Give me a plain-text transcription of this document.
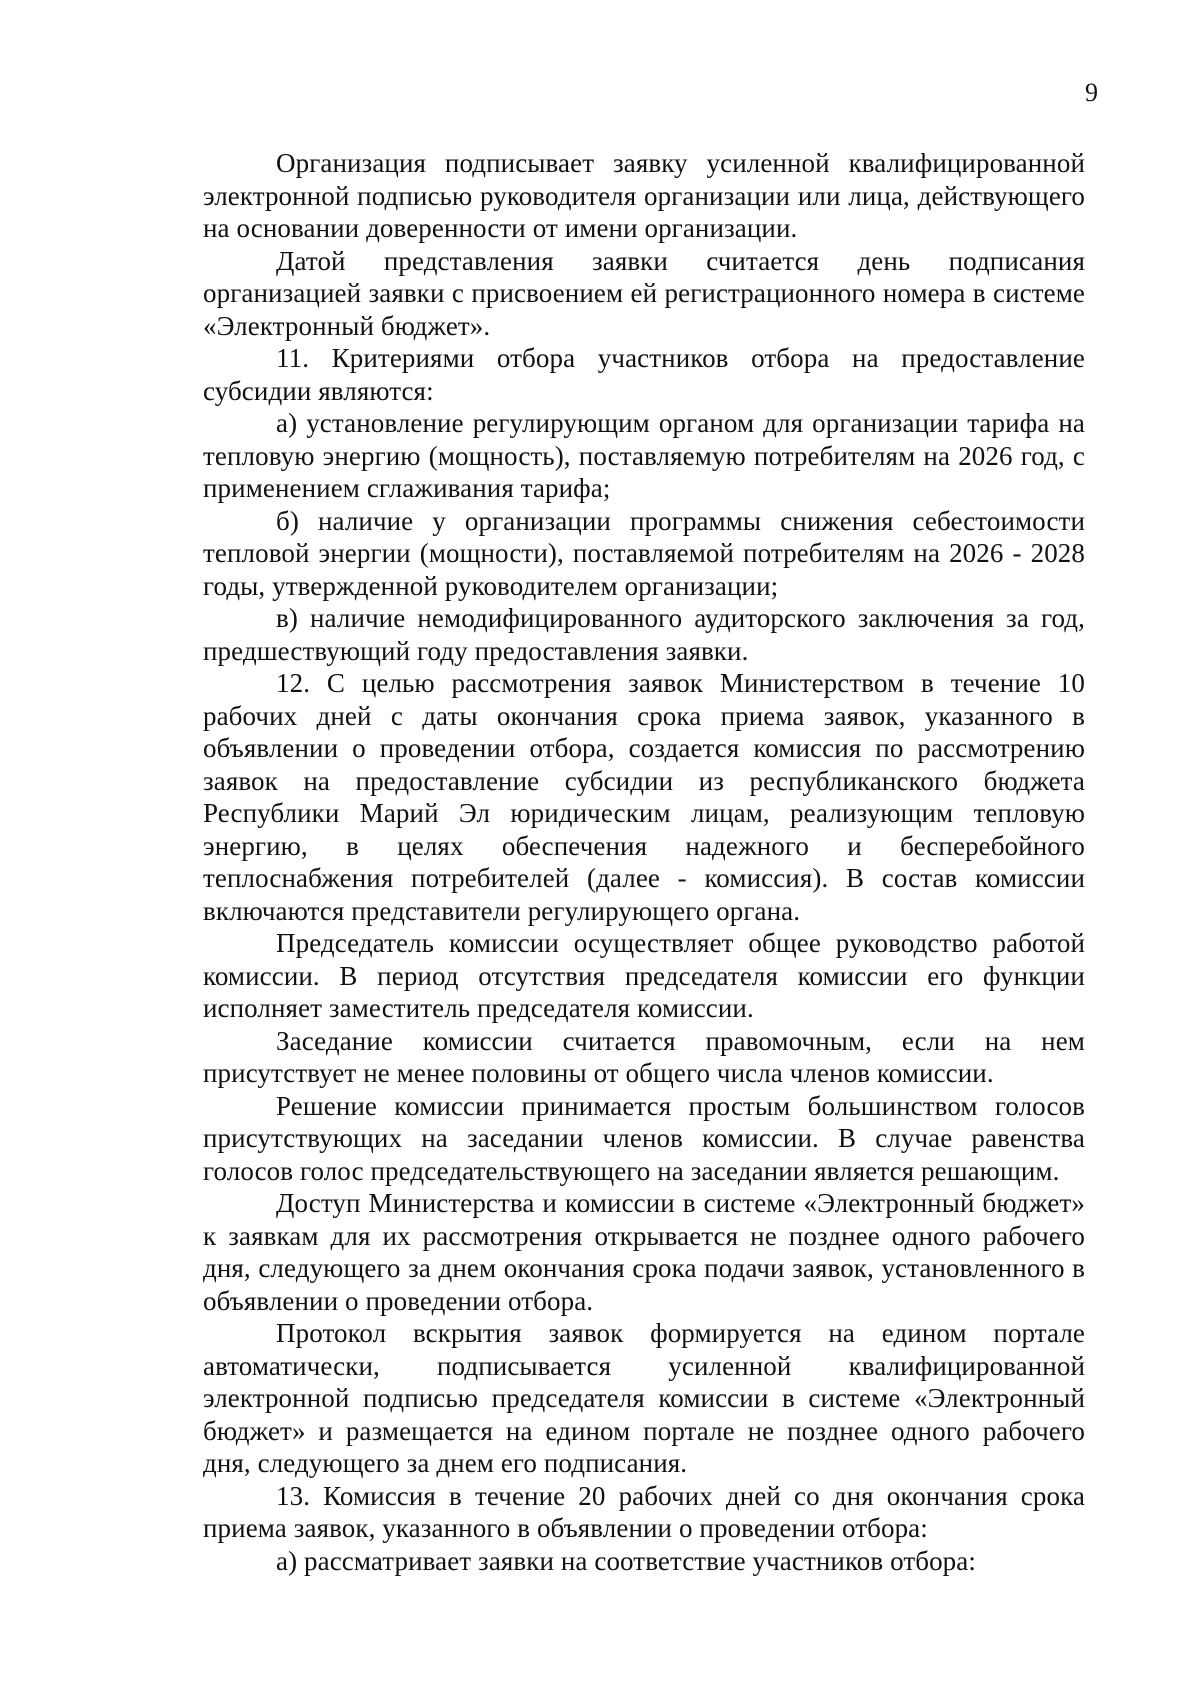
9

Организация подписывает заявку усиленной квалифицированной электронной подписью руководителя организации или лица, действующего на основании доверенности от имени организации.

Датой представления заявки считается день подписания организацией заявки с присвоением ей регистрационного номера в системе «Электронный бюджет».

11. Критериями отбора участников отбора на предоставление субсидии являются:

а) установление регулирующим органом для организации тарифа на тепловую энергию (мощность), поставляемую потребителям на 2026 год, с применением сглаживания тарифа;

б) наличие у организации программы снижения себестоимости тепловой энергии (мощности), поставляемой потребителям на 2026 - 2028 годы, утвержденной руководителем организации;

в) наличие немодифицированного аудиторского заключения за год, предшествующий году предоставления заявки.

12. С целью рассмотрения заявок Министерством в течение 10 рабочих дней с даты окончания срока приема заявок, указанного в объявлении о проведении отбора, создается комиссия по рассмотрению заявок на предоставление субсидии из республиканского бюджета Республики Марий Эл юридическим лицам, реализующим тепловую энергию, в целях обеспечения надежного и бесперебойного теплоснабжения потребителей (далее - комиссия). В состав комиссии включаются представители регулирующего органа.

Председатель комиссии осуществляет общее руководство работой комиссии. В период отсутствия председателя комиссии его функции исполняет заместитель председателя комиссии.

Заседание комиссии считается правомочным, если на нем присутствует не менее половины от общего числа членов комиссии.

Решение комиссии принимается простым большинством голосов присутствующих на заседании членов комиссии. В случае равенства голосов голос председательствующего на заседании является решающим.

Доступ Министерства и комиссии в системе «Электронный бюджет» к заявкам для их рассмотрения открывается не позднее одного рабочего дня, следующего за днем окончания срока подачи заявок, установленного в объявлении о проведении отбора.

Протокол вскрытия заявок формируется на едином портале автоматически, подписывается усиленной квалифицированной электронной подписью председателя комиссии в системе «Электронный бюджет» и размещается на едином портале не позднее одного рабочего дня, следующего за днем его подписания.

13. Комиссия в течение 20 рабочих дней со дня окончания срока приема заявок, указанного в объявлении о проведении отбора:

а) рассматривает заявки на соответствие участников отбора:
